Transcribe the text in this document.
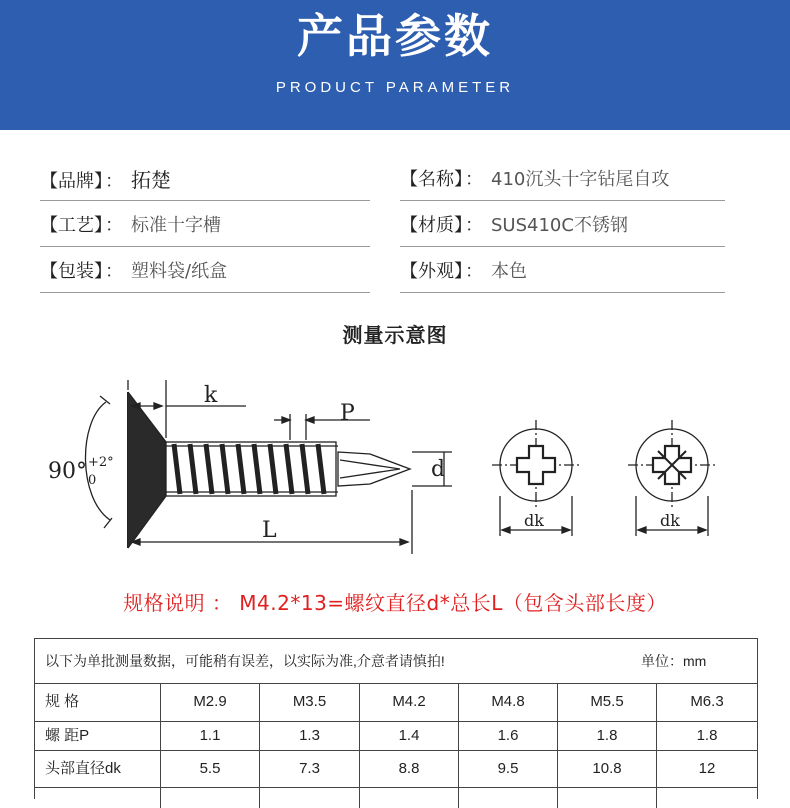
产品参数
PRODUCT PARAMETER
【品牌】 ： 拓楚	【名称】 ： 410沉头十字钻尾自攻
【工艺】 ： 标准十字槽	【材质】 ： SUS410C不锈钢
【包装】 ： 塑料袋/纸盒	【外观】 ： 本色
测量示意图
90° +2°
0
k
P
d
L	dk	dk
规格说明 ： M4.2*13=螺纹直径d*总长L（包含头部长度）
以下为单批测量数据，可能稍有误差，以实际为准,介意者请慎拍!	单位：mm
规 格	M2.9	M3.5	M4.2	M4.8	M5.5	M6.3
螺 距P	1.1	1.3	1.4	1.6	1.8	1.8
头部直径dk	5.5	7.3	8.8	9.5	10.8	12
